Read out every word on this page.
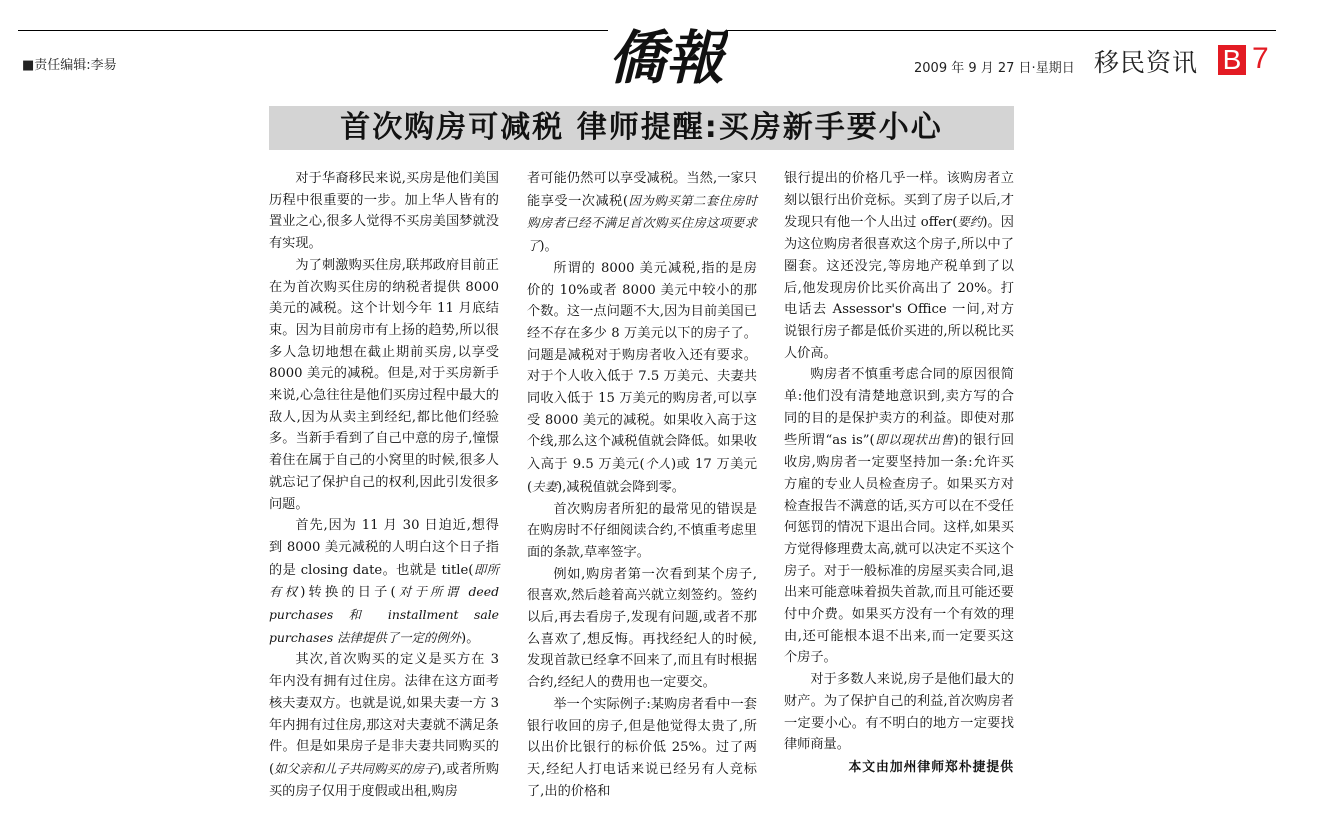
■责任编辑:李昜	僑報	2009 年 9 月 27 日·星期日 移民资讯 B 7
首次购房可减税 律师提醒:买房新手要小心

对于华裔移民来说,买房是他们美国历程中很重要的一步。加上华人皆有的置业之心,很多人觉得不买房美国梦就没有实现。

为了刺激购买住房,联邦政府目前正在为首次购买住房的纳税者提供 8000 美元的减税。这个计划今年 11 月底结束。因为目前房市有上扬的趋势,所以很多人急切地想在截止期前买房,以享受 8000 美元的减税。但是,对于买房新手来说,心急往往是他们买房过程中最大的敌人,因为从卖主到经纪,都比他们经验多。当新手看到了自己中意的房子,憧憬着住在属于自己的小窝里的时候,很多人就忘记了保护自己的权利,因此引发很多问题。

首先,因为 11 月 30 日迫近,想得到 8000 美元减税的人明白这个日子指的是 closing date。也就是 title(即所有权)转换的日子(对于所谓 deed purchases 和 installment sale purchases 法律提供了一定的例外)。

其次,首次购买的定义是买方在 3 年内没有拥有过住房。法律在这方面考核夫妻双方。也就是说,如果夫妻一方 3 年内拥有过住房,那这对夫妻就不满足条件。但是如果房子是非夫妻共同购买的(如父亲和儿子共同购买的房子),或者所购买的房子仅用于度假或出租,购房

者可能仍然可以享受减税。当然,一家只能享受一次减税(因为购买第二套住房时购房者已经不满足首次购买住房这项要求了)。

所谓的 8000 美元减税,指的是房价的 10%或者 8000 美元中较小的那个数。这一点问题不大,因为目前美国已经不存在多少 8 万美元以下的房子了。问题是减税对于购房者收入还有要求。对于个人收入低于 7.5 万美元、夫妻共同收入低于 15 万美元的购房者,可以享受 8000 美元的减税。如果收入高于这个线,那么这个减税值就会降低。如果收入高于 9.5 万美元(个人)或 17 万美元(夫妻),减税值就会降到零。

首次购房者所犯的最常见的错误是在购房时不仔细阅读合约,不慎重考虑里面的条款,草率签字。

例如,购房者第一次看到某个房子,很喜欢,然后趁着高兴就立刻签约。签约以后,再去看房子,发现有问题,或者不那么喜欢了,想反悔。再找经纪人的时候,发现首款已经拿不回来了,而且有时根据合约,经纪人的费用也一定要交。

举一个实际例子:某购房者看中一套银行收回的房子,但是他觉得太贵了,所以出价比银行的标价低 25%。过了两天,经纪人打电话来说已经另有人竞标了,出的价格和

银行提出的价格几乎一样。该购房者立刻以银行出价竞标。买到了房子以后,才发现只有他一个人出过 offer(要约)。因为这位购房者很喜欢这个房子,所以中了圈套。这还没完,等房地产税单到了以后,他发现房价比买价高出了 20%。打电话去 Assessor's Office 一问,对方说银行房子都是低价买进的,所以税比买人价高。

购房者不慎重考虑合同的原因很简单:他们没有清楚地意识到,卖方写的合同的目的是保护卖方的利益。即使对那些所谓“as is”(即以现状出售)的银行回收房,购房者一定要坚持加一条:允许买方雇的专业人员检查房子。如果买方对检查报告不满意的话,买方可以在不受任何惩罚的情况下退出合同。这样,如果买方觉得修理费太高,就可以决定不买这个房子。对于一般标准的房屋买卖合同,退出来可能意味着损失首款,而且可能还要付中介费。如果买方没有一个有效的理由,还可能根本退不出来,而一定要买这个房子。

对于多数人来说,房子是他们最大的财产。为了保护自己的利益,首次购房者一定要小心。有不明白的地方一定要找律师商量。

本文由加州律师郑朴捷提供
